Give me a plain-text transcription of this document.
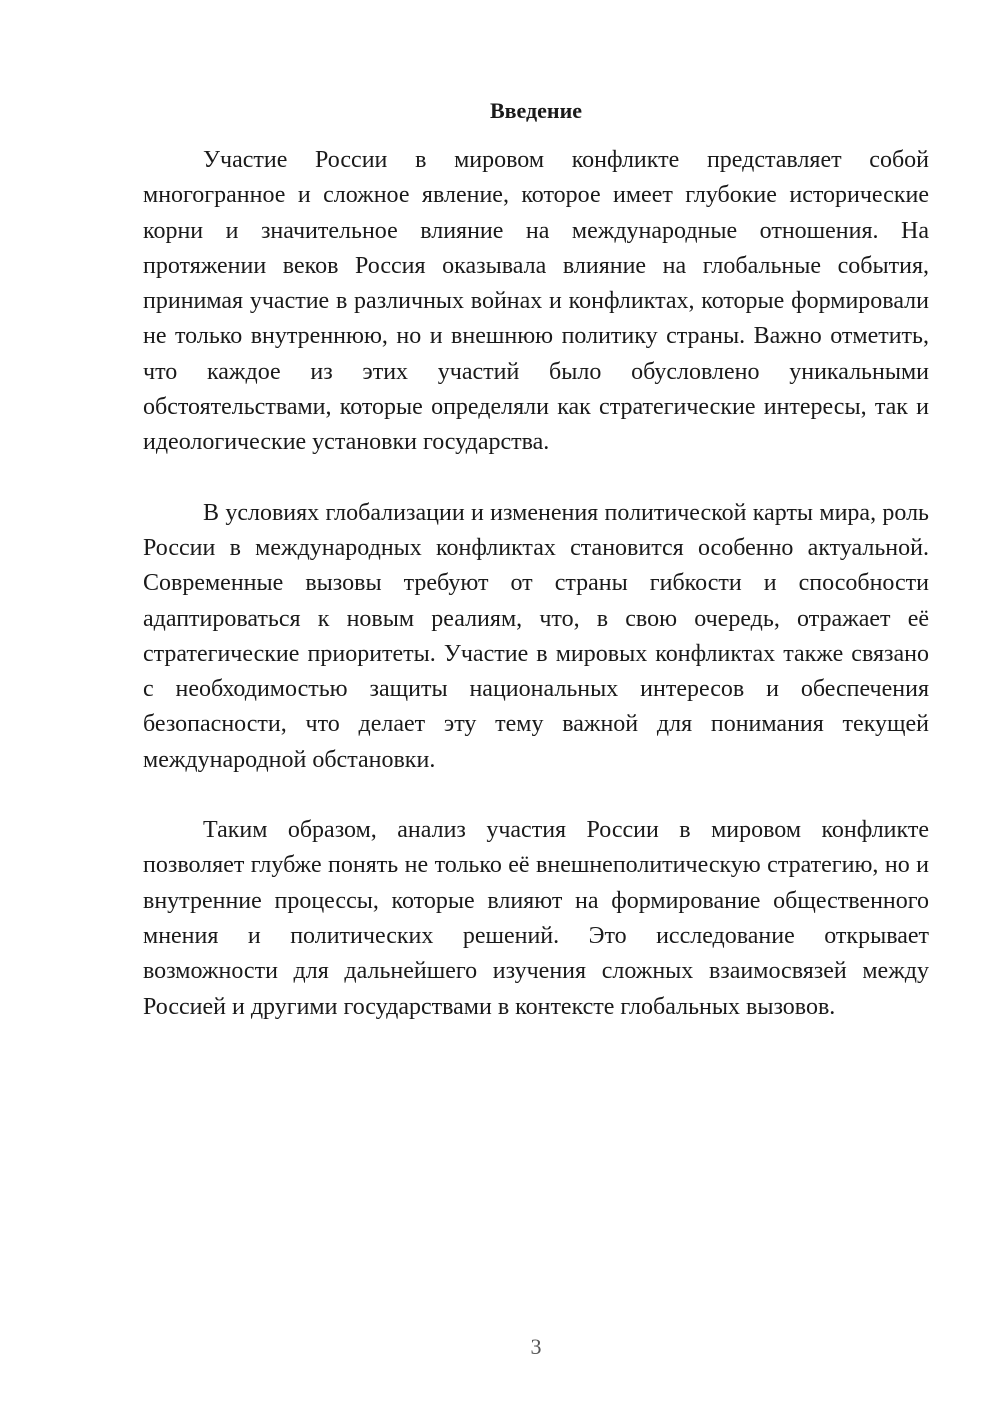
Введение

Участие России в мировом конфликте представляет собой многогранное и сложное явление, которое имеет глубокие исторические корни и значительное влияние на международные отношения. На протяжении веков Россия оказывала влияние на глобальные события, принимая участие в различных войнах и конфликтах, которые формировали не только внутреннюю, но и внешнюю политику страны. Важно отметить, что каждое из этих участий было обусловлено уникальными обстоятельствами, которые определяли как стратегические интересы, так и идеологические установки государства.

В условиях глобализации и изменения политической карты мира, роль России в международных конфликтах становится особенно актуальной. Современные вызовы требуют от страны гибкости и способности адаптироваться к новым реалиям, что, в свою очередь, отражает её стратегические приоритеты. Участие в мировых конфликтах также связано с необходимостью защиты национальных интересов и обеспечения безопасности, что делает эту тему важной для понимания текущей международной обстановки.

Таким образом, анализ участия России в мировом конфликте позволяет глубже понять не только её внешнеполитическую стратегию, но и внутренние процессы, которые влияют на формирование общественного мнения и политических решений. Это исследование открывает возможности для дальнейшего изучения сложных взаимосвязей между Россией и другими государствами в контексте глобальных вызовов.

3
